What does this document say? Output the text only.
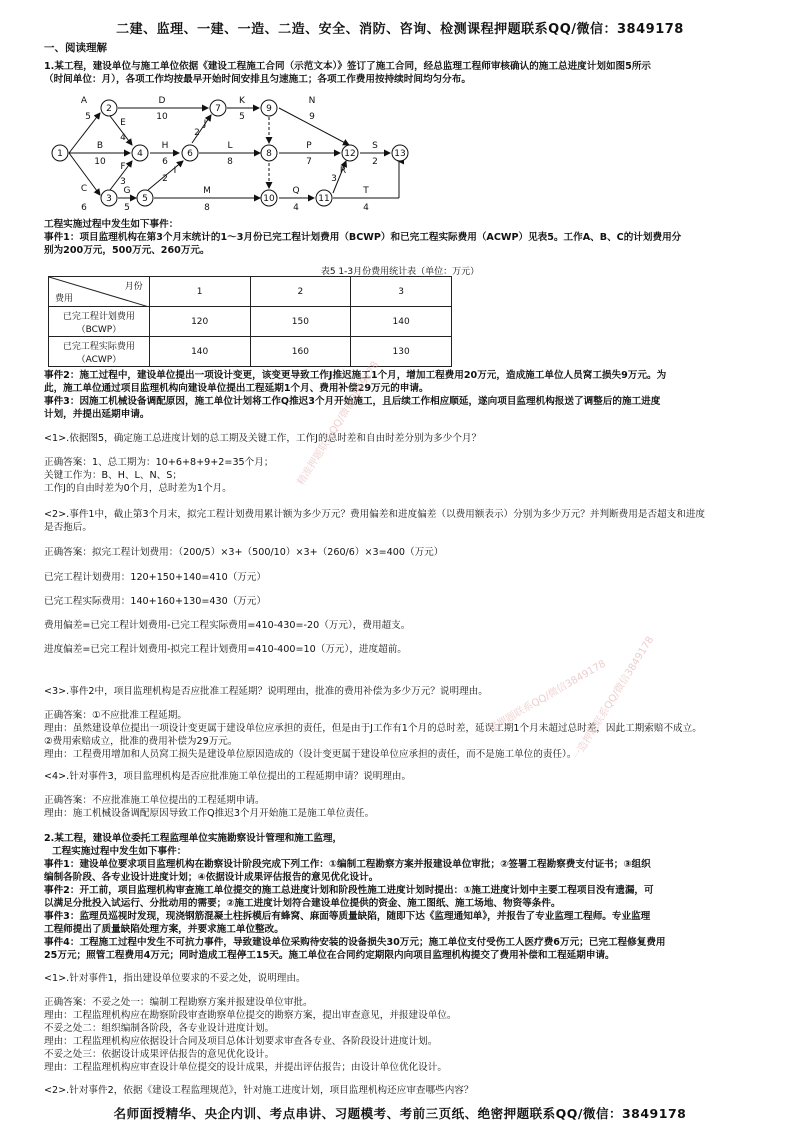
二建、监理、一建、一造、二造、安全、消防、咨询、检测课程押题联系QQ/微信：3849178
一、阅读理解

1.某工程，建设单位与施工单位依据《建设工程施工合同（示范文本）》签订了施工合同，经总监理工程师审核确认的施工总进度计划如图5所示

（时间单位：月），各项工作均按最早开始时间安排且匀速施工；各项工作费用按持续时间均匀分布。

1
2
3
4
5
6
7
8
9
10	11
12	13
A
5
D
10
K
5
N
9
E
4
J
2
B
10
H
6
L
8
P
7
S
2
F
3
I
2
R
3
C
6
G
5
M
8
Q
4
T
4

工程实施过程中发生如下事件：

事件1：项目监理机构在第3个月末统计的1～3月份已完工程计划费用（BCWP）和已完工程实际费用（ACWP）见表5。工作A、B、C的计划费用分

别为200万元，500万元、260万元。

表5 1-3月份费用统计表（单位：万元）
月份
费用	1	2	3
已完工程计划费用
（BCWP）	120	150	140
已完工程实际费用
（ACWP）	140	160	130

事件2：施工过程中，建设单位提出一项设计变更，该变更导致工作J推迟施工1个月，增加工程费用20万元，造成施工单位人员窝工损失9万元。为

此，施工单位通过项目监理机构向建设单位提出工程延期1个月、费用补偿29万元的申请。

事件3：因施工机械设备调配原因，施工单位计划将工作Q推迟3个月开始施工，且后续工作相应顺延，遂向项目监理机构报送了调整后的施工进度

计划，并提出延期申请。

<1>.依据图5，确定施工总进度计划的总工期及关键工作，工作J的总时差和自由时差分别为多少个月？

正确答案：1、总工期为：10+6+8+9+2=35个月；

关键工作为：B、H、L、N、S；

工作J的自由时差为0个月，总时差为1个月。

<2>.事件1中，截止第3个月末，拟完工程计划费用累计额为多少万元？费用偏差和进度偏差（以费用额表示）分别为多少万元？并判断费用是否超支和进度

是否拖后。

正确答案：拟完工程计划费用：（200/5）×3+（500/10）×3+（260/6）×3=400（万元）

已完工程计划费用：120+150+140=410（万元）

已完工程实际费用：140+160+130=430（万元）

费用偏差=已完工程计划费用-已完工程实际费用=410-430=-20（万元），费用超支。

进度偏差=已完工程计划费用-拟完工程计划费用=410-400=10（万元），进度超前。

<3>.事件2中，项目监理机构是否应批准工程延期？说明理由，批准的费用补偿为多少万元？说明理由。

正确答案：①不应批准工程延期。

理由：虽然建设单位提出一项设计变更属于建设单位应承担的责任，但是由于J工作有1个月的总时差，延误工期1个月未超过总时差，因此工期索赔不成立。

②费用索赔成立，批准的费用补偿为29万元。

理由：工程费用增加和人员窝工损失是建设单位原因造成的（设计变更属于建设单位应承担的责任，而不是施工单位的责任）。

<4>.针对事件3，项目监理机构是否应批准施工单位提出的工程延期申请？说明理由。

正确答案：不应批准施工单位提出的工程延期申请。

理由：施工机械设备调配原因导致工作Q推迟3个月开始施工是施工单位责任。

2.某工程，建设单位委托工程监理单位实施勘察设计管理和施工监理，

工程实施过程中发生如下事件：

事件1：建设单位要求项目监理机构在勘察设计阶段完成下列工作：①编制工程勘察方案并报建设单位审批；②签署工程勘察费支付证书；③组织

编制各阶段、各专业设计进度计划；④依据设计成果评估报告的意见优化设计。

事件2：开工前，项目监理机构审查施工单位提交的施工总进度计划和阶段性施工进度计划时提出：①施工进度计划中主要工程项目没有遗漏，可

以满足分批投入试运行、分批动用的需要；②施工进度计划符合建设单位提供的资金、施工图纸、施工场地、物资等条件。

事件3：监理员巡视时发现，现浇钢筋混凝土柱拆模后有蜂窝、麻面等质量缺陷，随即下达《监理通知单》，并报告了专业监理工程师。专业监理

工程师提出了质量缺陷处理方案，并要求施工单位整改。

事件4：工程施工过程中发生不可抗力事件，导致建设单位采购待安装的设备损失30万元；施工单位支付受伤工人医疗费6万元；已完工程修复费用

25万元；照管工程费用4万元；同时造成工程停工15天。施工单位在合同约定期限内向项目监理机构提交了费用补偿和工程延期申请。

<1>.针对事件1，指出建设单位要求的不妥之处，说明理由。

正确答案：不妥之处一：编制工程勘察方案并报建设单位审批。

理由：工程监理机构应在勘察阶段审查勘察单位提交的勘察方案，提出审查意见，并报建设单位。

不妥之处二：组织编制各阶段，各专业设计进度计划。

理由：工程监理机构应依据设计合同及项目总体计划要求审查各专业、各阶段设计进度计划。

不妥之处三：依据设计成果评估报告的意见优化设计。

理由：工程监理机构应审查设计单位提交的设计成果，并提出评估报告；由设计单位优化设计。

<2>.针对事件2，依据《建设工程监理规范》，针对施工进度计划，项目监理机构还应审查哪些内容？

名师面授精华、央企内训、考点串讲、习题模考、考前三页纸、绝密押题联系QQ/微信：3849178
精准押题联系QQ/微信3849178
一建押题联系QQ/微信3849178
一造押题联系QQ/微信3849178
